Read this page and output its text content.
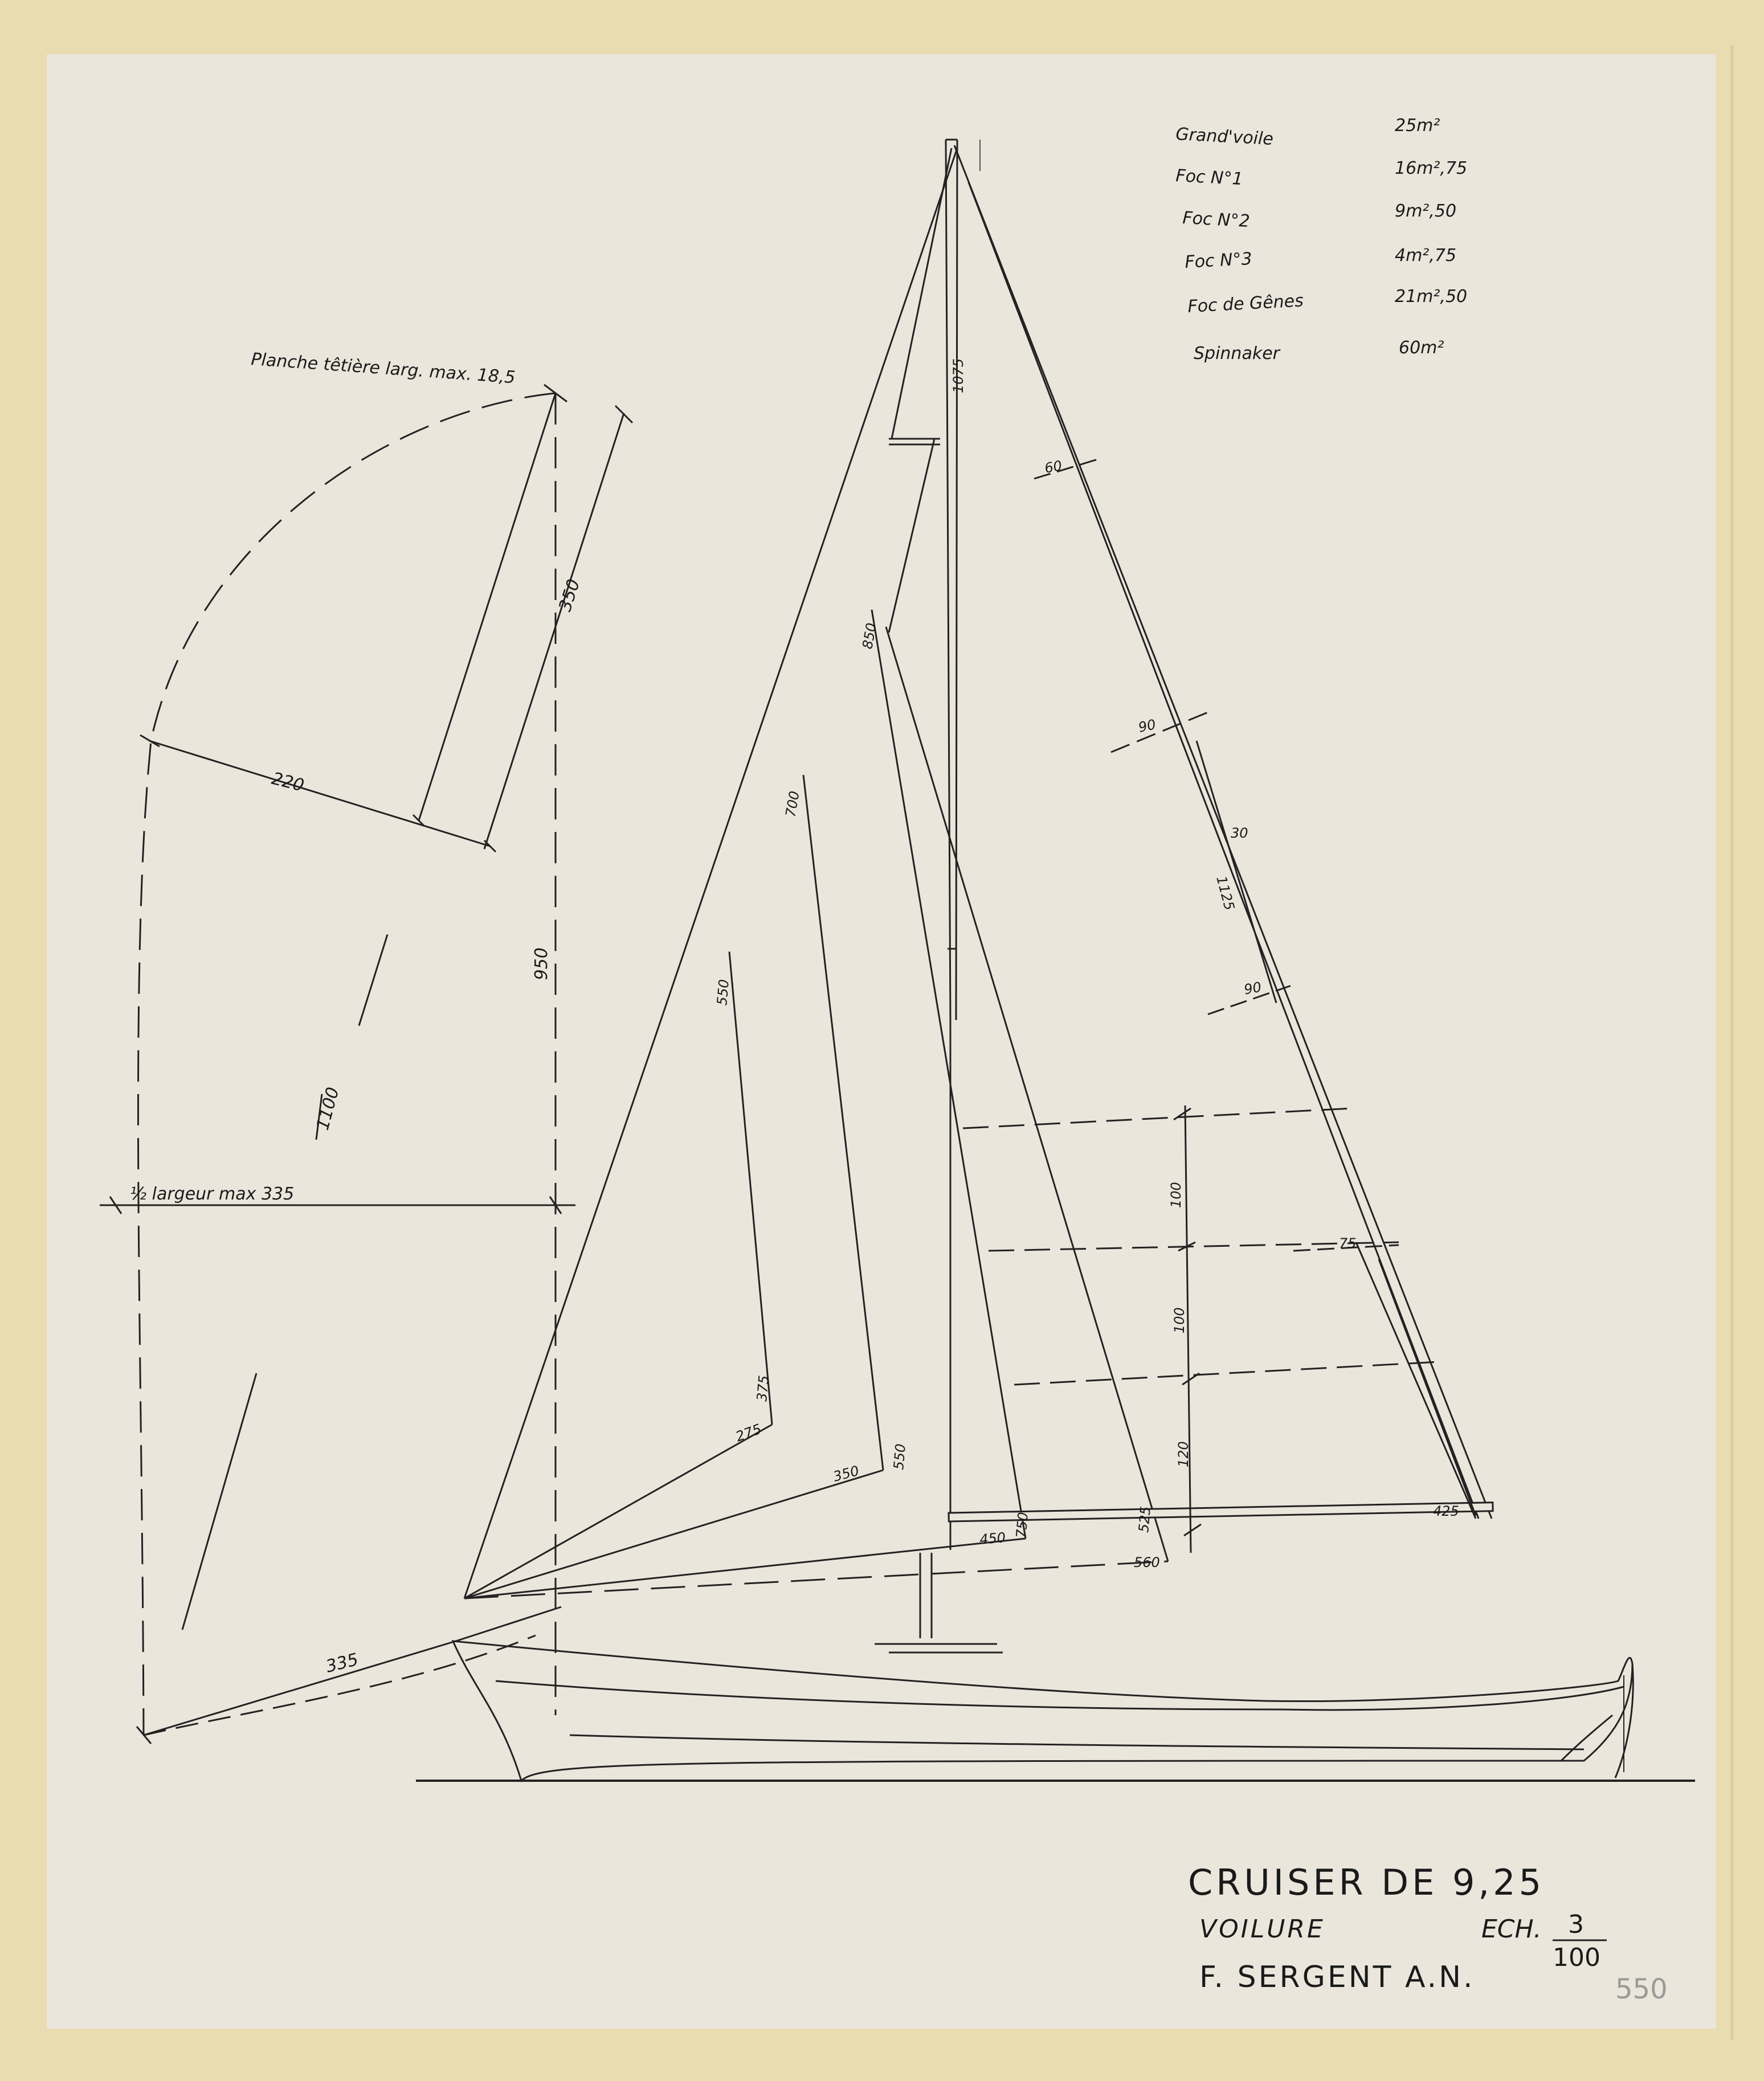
Grand'voile	25m²
Foc N°1	16m²,75
Foc N°2	9m²,50
Foc N°3	4m²,75
Foc de Gênes	21m²,50
Spinnaker	60m²
Planche têtière larg. max. 18,5
220
350
950
1100
½ largeur max 335
335
1075
60
90
30
1125
90
100
100
120
75
425
850
700
550
375
275
350
550
450 750	525
560
CRUISER DE 9,25
VOILURE	ECH. 3
100
F. SERGENT A.N.	550
